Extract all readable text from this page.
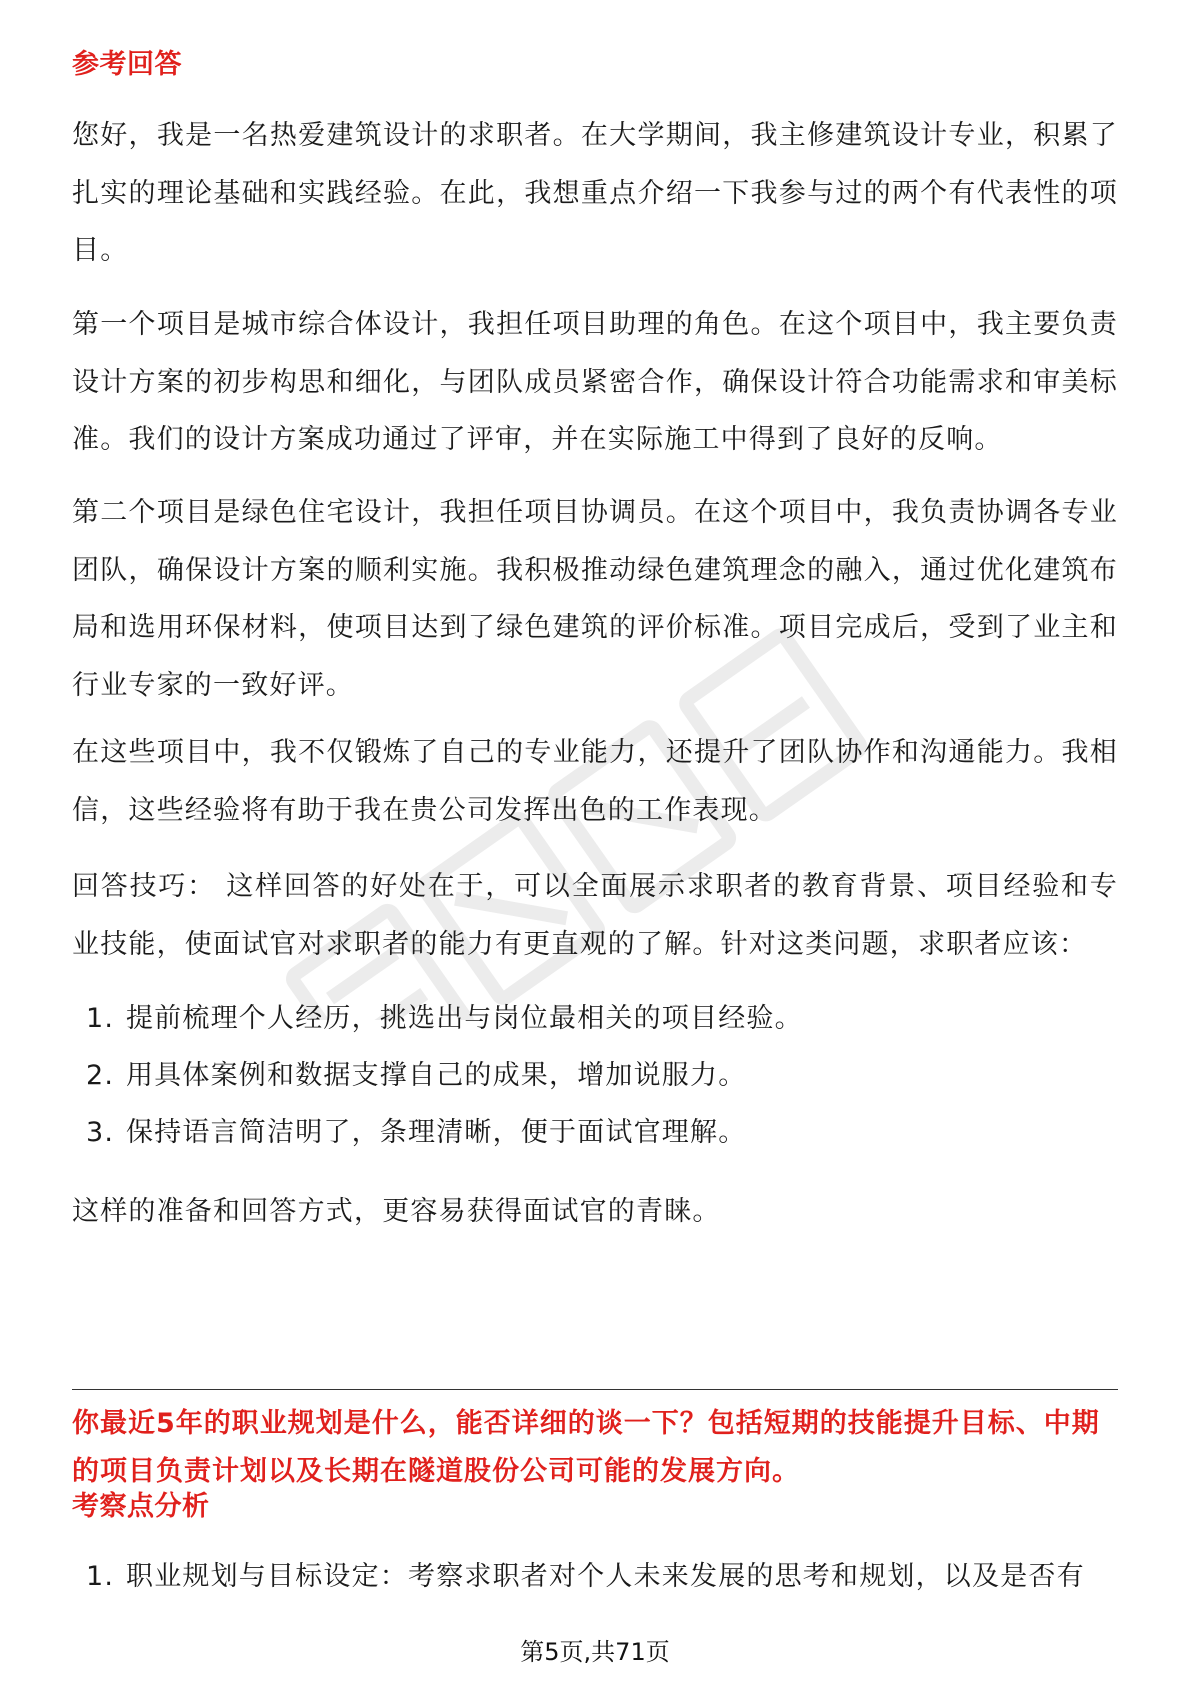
参考回答

您好，我是一名热爱建筑设计的求职者。在大学期间，我主修建筑设计专业，积累了扎实的理论基础和实践经验。在此，我想重点介绍一下我参与过的两个有代表性的项目。

第一个项目是城市综合体设计，我担任项目助理的角色。在这个项目中，我主要负责设计方案的初步构思和细化，与团队成员紧密合作，确保设计符合功能需求和审美标准。我们的设计方案成功通过了评审，并在实际施工中得到了良好的反响。

第二个项目是绿色住宅设计，我担任项目协调员。在这个项目中，我负责协调各专业团队，确保设计方案的顺利实施。我积极推动绿色建筑理念的融入，通过优化建筑布局和选用环保材料，使项目达到了绿色建筑的评价标准。项目完成后，受到了业主和行业专家的一致好评。

在这些项目中，我不仅锻炼了自己的专业能力，还提升了团队协作和沟通能力。我相信，这些经验将有助于我在贵公司发挥出色的工作表现。

回答技巧： 这样回答的好处在于，可以全面展示求职者的教育背景、项目经验和专业技能，使面试官对求职者的能力有更直观的了解。针对这类问题，求职者应该：

1. 提前梳理个人经历，挑选出与岗位最相关的项目经验。
2. 用具体案例和数据支撑自己的成果，增加说服力。
3. 保持语言简洁明了，条理清晰，便于面试官理解。

这样的准备和回答方式，更容易获得面试官的青睐。

你最近5年的职业规划是什么，能否详细的谈一下？包括短期的技能提升目标、中期的项目负责计划以及长期在隧道股份公司可能的发展方向。

考察点分析
1. 职业规划与目标设定：考察求职者对个人未来发展的思考和规划，以及是否有
第5页,共71页
